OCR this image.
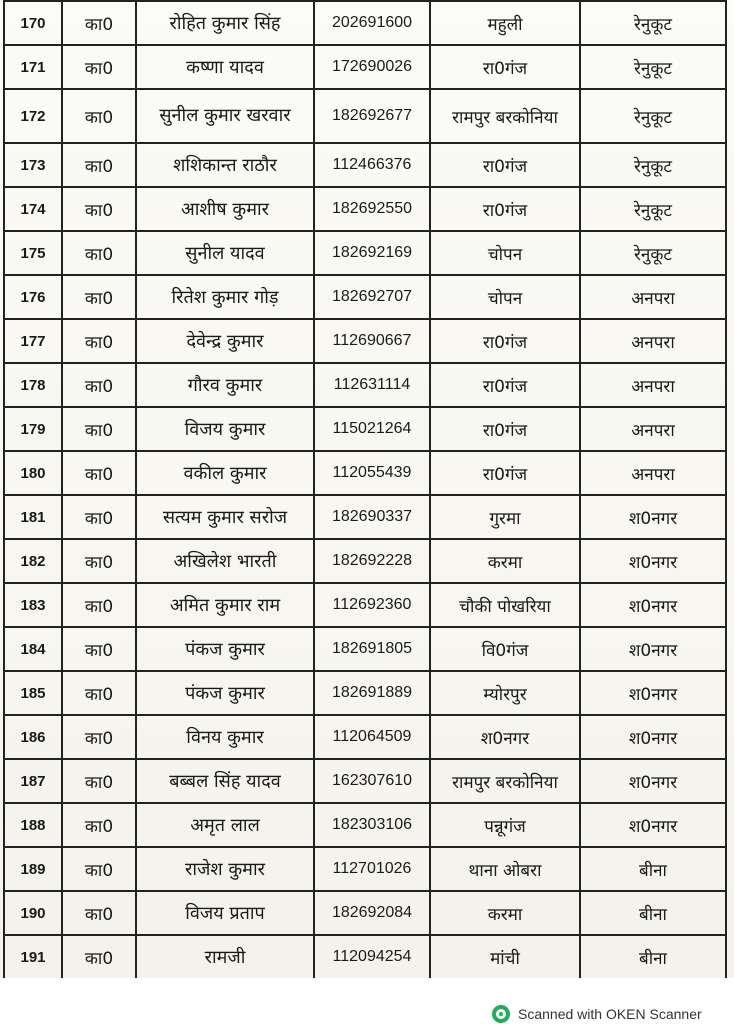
170	का0	रोहित कुमार सिंह	202691600	महुली	रेनुकूट
171	का0	कष्णा यादव	172690026	रा0गंज	रेनुकूट
172	का0	सुनील कुमार खरवार	182692677	रामपुर बरकोनिया	रेनुकूट
173	का0	शशिकान्त राठौर	112466376	रा0गंज	रेनुकूट
174	का0	आशीष कुमार	182692550	रा0गंज	रेनुकूट
175	का0	सुनील यादव	182692169	चोपन	रेनुकूट
176	का0	रितेश कुमार गोड़	182692707	चोपन	अनपरा
177	का0	देवेन्द्र कुमार	112690667	रा0गंज	अनपरा
178	का0	गौरव कुमार	112631114	रा0गंज	अनपरा
179	का0	विजय कुमार	115021264	रा0गंज	अनपरा
180	का0	वकील कुमार	112055439	रा0गंज	अनपरा
181	का0	सत्यम कुमार सरोज	182690337	गुरमा	श0नगर
182	का0	अखिलेश भारती	182692228	करमा	श0नगर
183	का0	अमित कुमार राम	112692360	चौकी पोखरिया	श0नगर
184	का0	पंकज कुमार	182691805	वि0गंज	श0नगर
185	का0	पंकज कुमार	182691889	म्योरपुर	श0नगर
186	का0	विनय कुमार	112064509	श0नगर	श0नगर
187	का0	बब्बल सिंह यादव	162307610	रामपुर बरकोनिया	श0नगर
188	का0	अमृत लाल	182303106	पन्नूगंज	श0नगर
189	का0	राजेश कुमार	112701026	थाना ओबरा	बीना
190	का0	विजय प्रताप	182692084	करमा	बीना
191	का0	रामजी	112094254	मांची	बीना
Scanned with OKEN Scanner
